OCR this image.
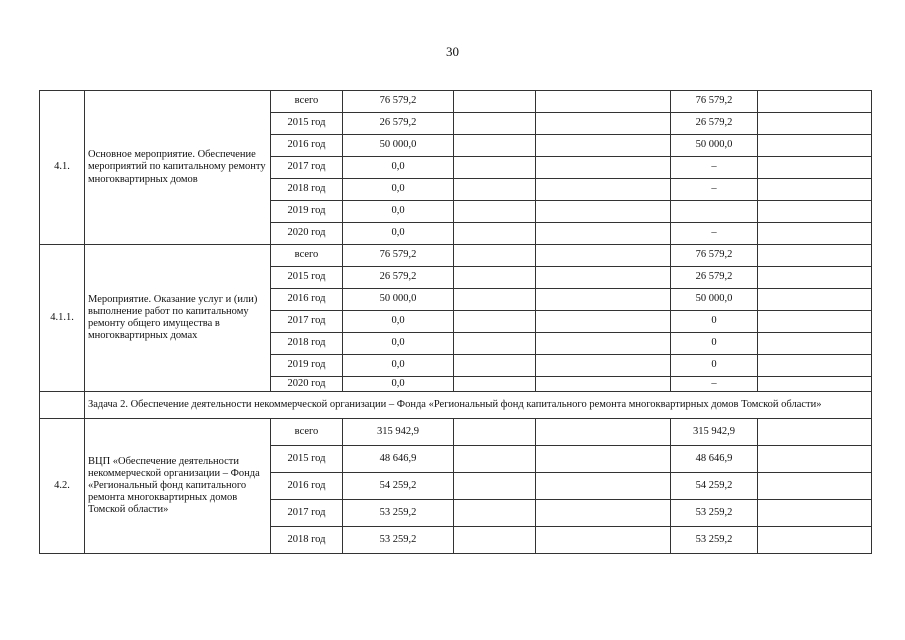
30
4.1.	Основное мероприятие. Обеспечение мероприятий по капитальному ремонту многоквартирных домов	всего	76 579,2			76 579,2	
		2015 год	26 579,2			26 579,2	
		2016 год	50 000,0			50 000,0	
		2017 год	0,0			–	
		2018 год	0,0			–	
		2019 год	0,0				
		2020 год	0,0			–	
4.1.1.	Мероприятие. Оказание услуг и (или) выполнение работ по капитальному ремонту общего имущества в многоквартирных домах	всего	76 579,2			76 579,2	
		2015 год	26 579,2			26 579,2	
		2016 год	50 000,0			50 000,0	
		2017 год	0,0			0	
		2018 год	0,0			0	
		2019 год	0,0			0	
		2020 год	0,0			–	
	Задача 2. Обеспечение деятельности некоммерческой организации – Фонда «Региональный фонд капитального ремонта многоквартирных домов Томской области»						
4.2.	ВЦП «Обеспечение деятельности некоммерческой организации – Фонда «Региональный фонд капитального ремонта многоквартирных домов Томской области»	всего	315 942,9			315 942,9	
		2015 год	48 646,9			48 646,9	
		2016 год	54 259,2			54 259,2	
		2017 год	53 259,2			53 259,2	
		2018 год	53 259,2			53 259,2	
